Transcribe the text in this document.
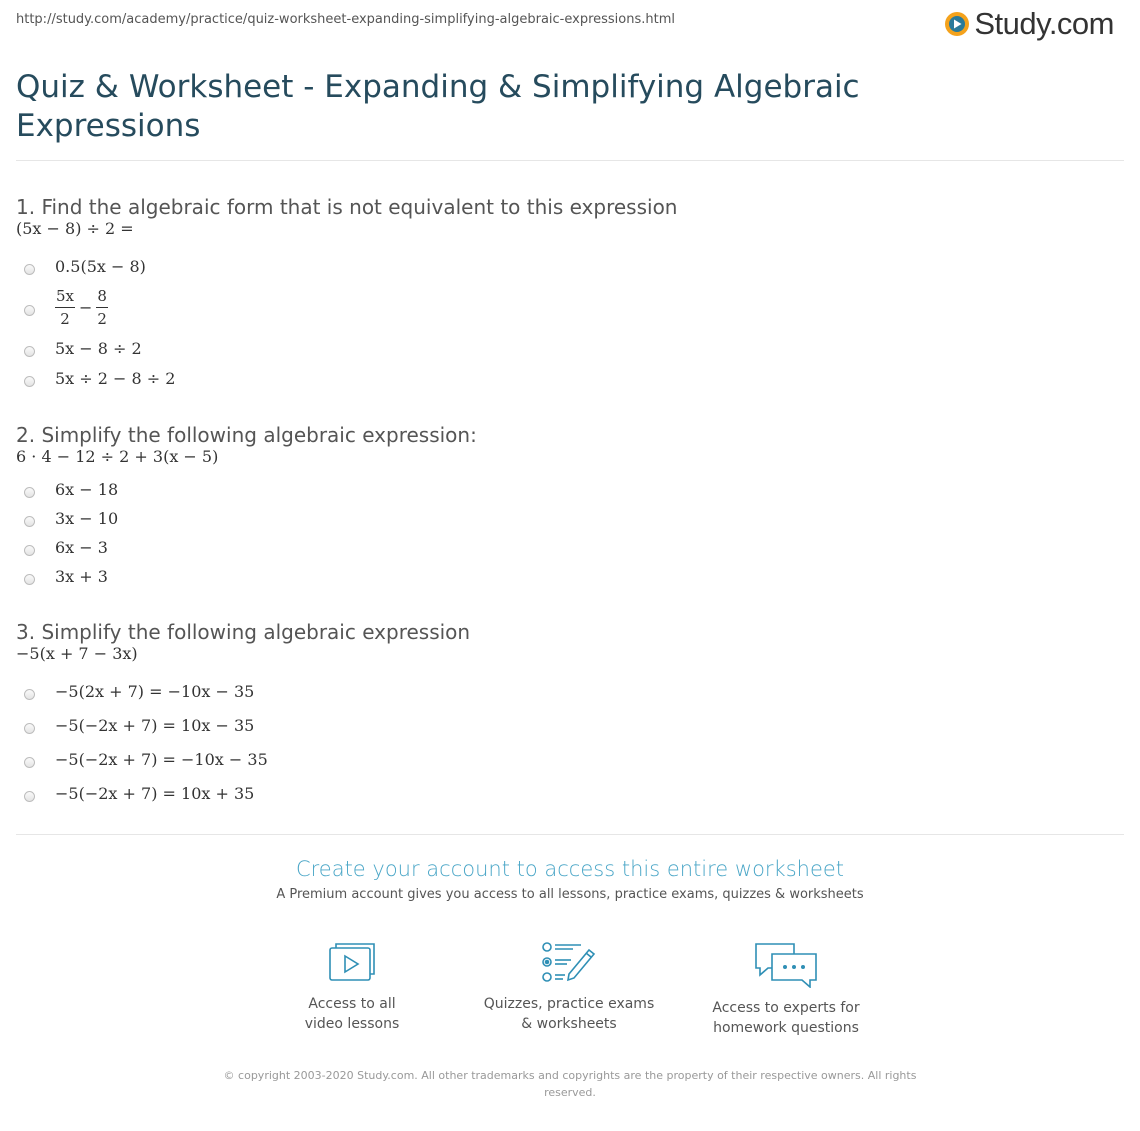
http://study.com/academy/practice/quiz-worksheet-expanding-simplifying-algebraic-expressions.html	Study.com
Quiz & Worksheet - Expanding & Simplifying Algebraic Expressions
1. Find the algebraic form that is not equivalent to this expression
(5x − 8) ÷ 2 =
0.5(5x − 8)
$\frac{5x}{2} - \frac{8}{2}$
5x − 8 ÷ 2
5x ÷ 2 − 8 ÷ 2
2. Simplify the following algebraic expression:
6 · 4 − 12 ÷ 2 + 3(x − 5)
6x − 18
3x − 10
6x − 3
3x + 3
3. Simplify the following algebraic expression
−5(x + 7 − 3x)
−5(2x + 7) = −10x − 35
−5(−2x + 7) = 10x − 35
−5(−2x + 7) = −10x − 35
−5(−2x + 7) = 10x + 35
Create your account to access this entire worksheet
A Premium account gives you access to all lessons, practice exams, quizzes & worksheets
Access to all
video lessons
Quizzes, practice exams
& worksheets
Access to experts for
homework questions
© copyright 2003-2020 Study.com. All other trademarks and copyrights are the property of their respective owners. All rights reserved.
